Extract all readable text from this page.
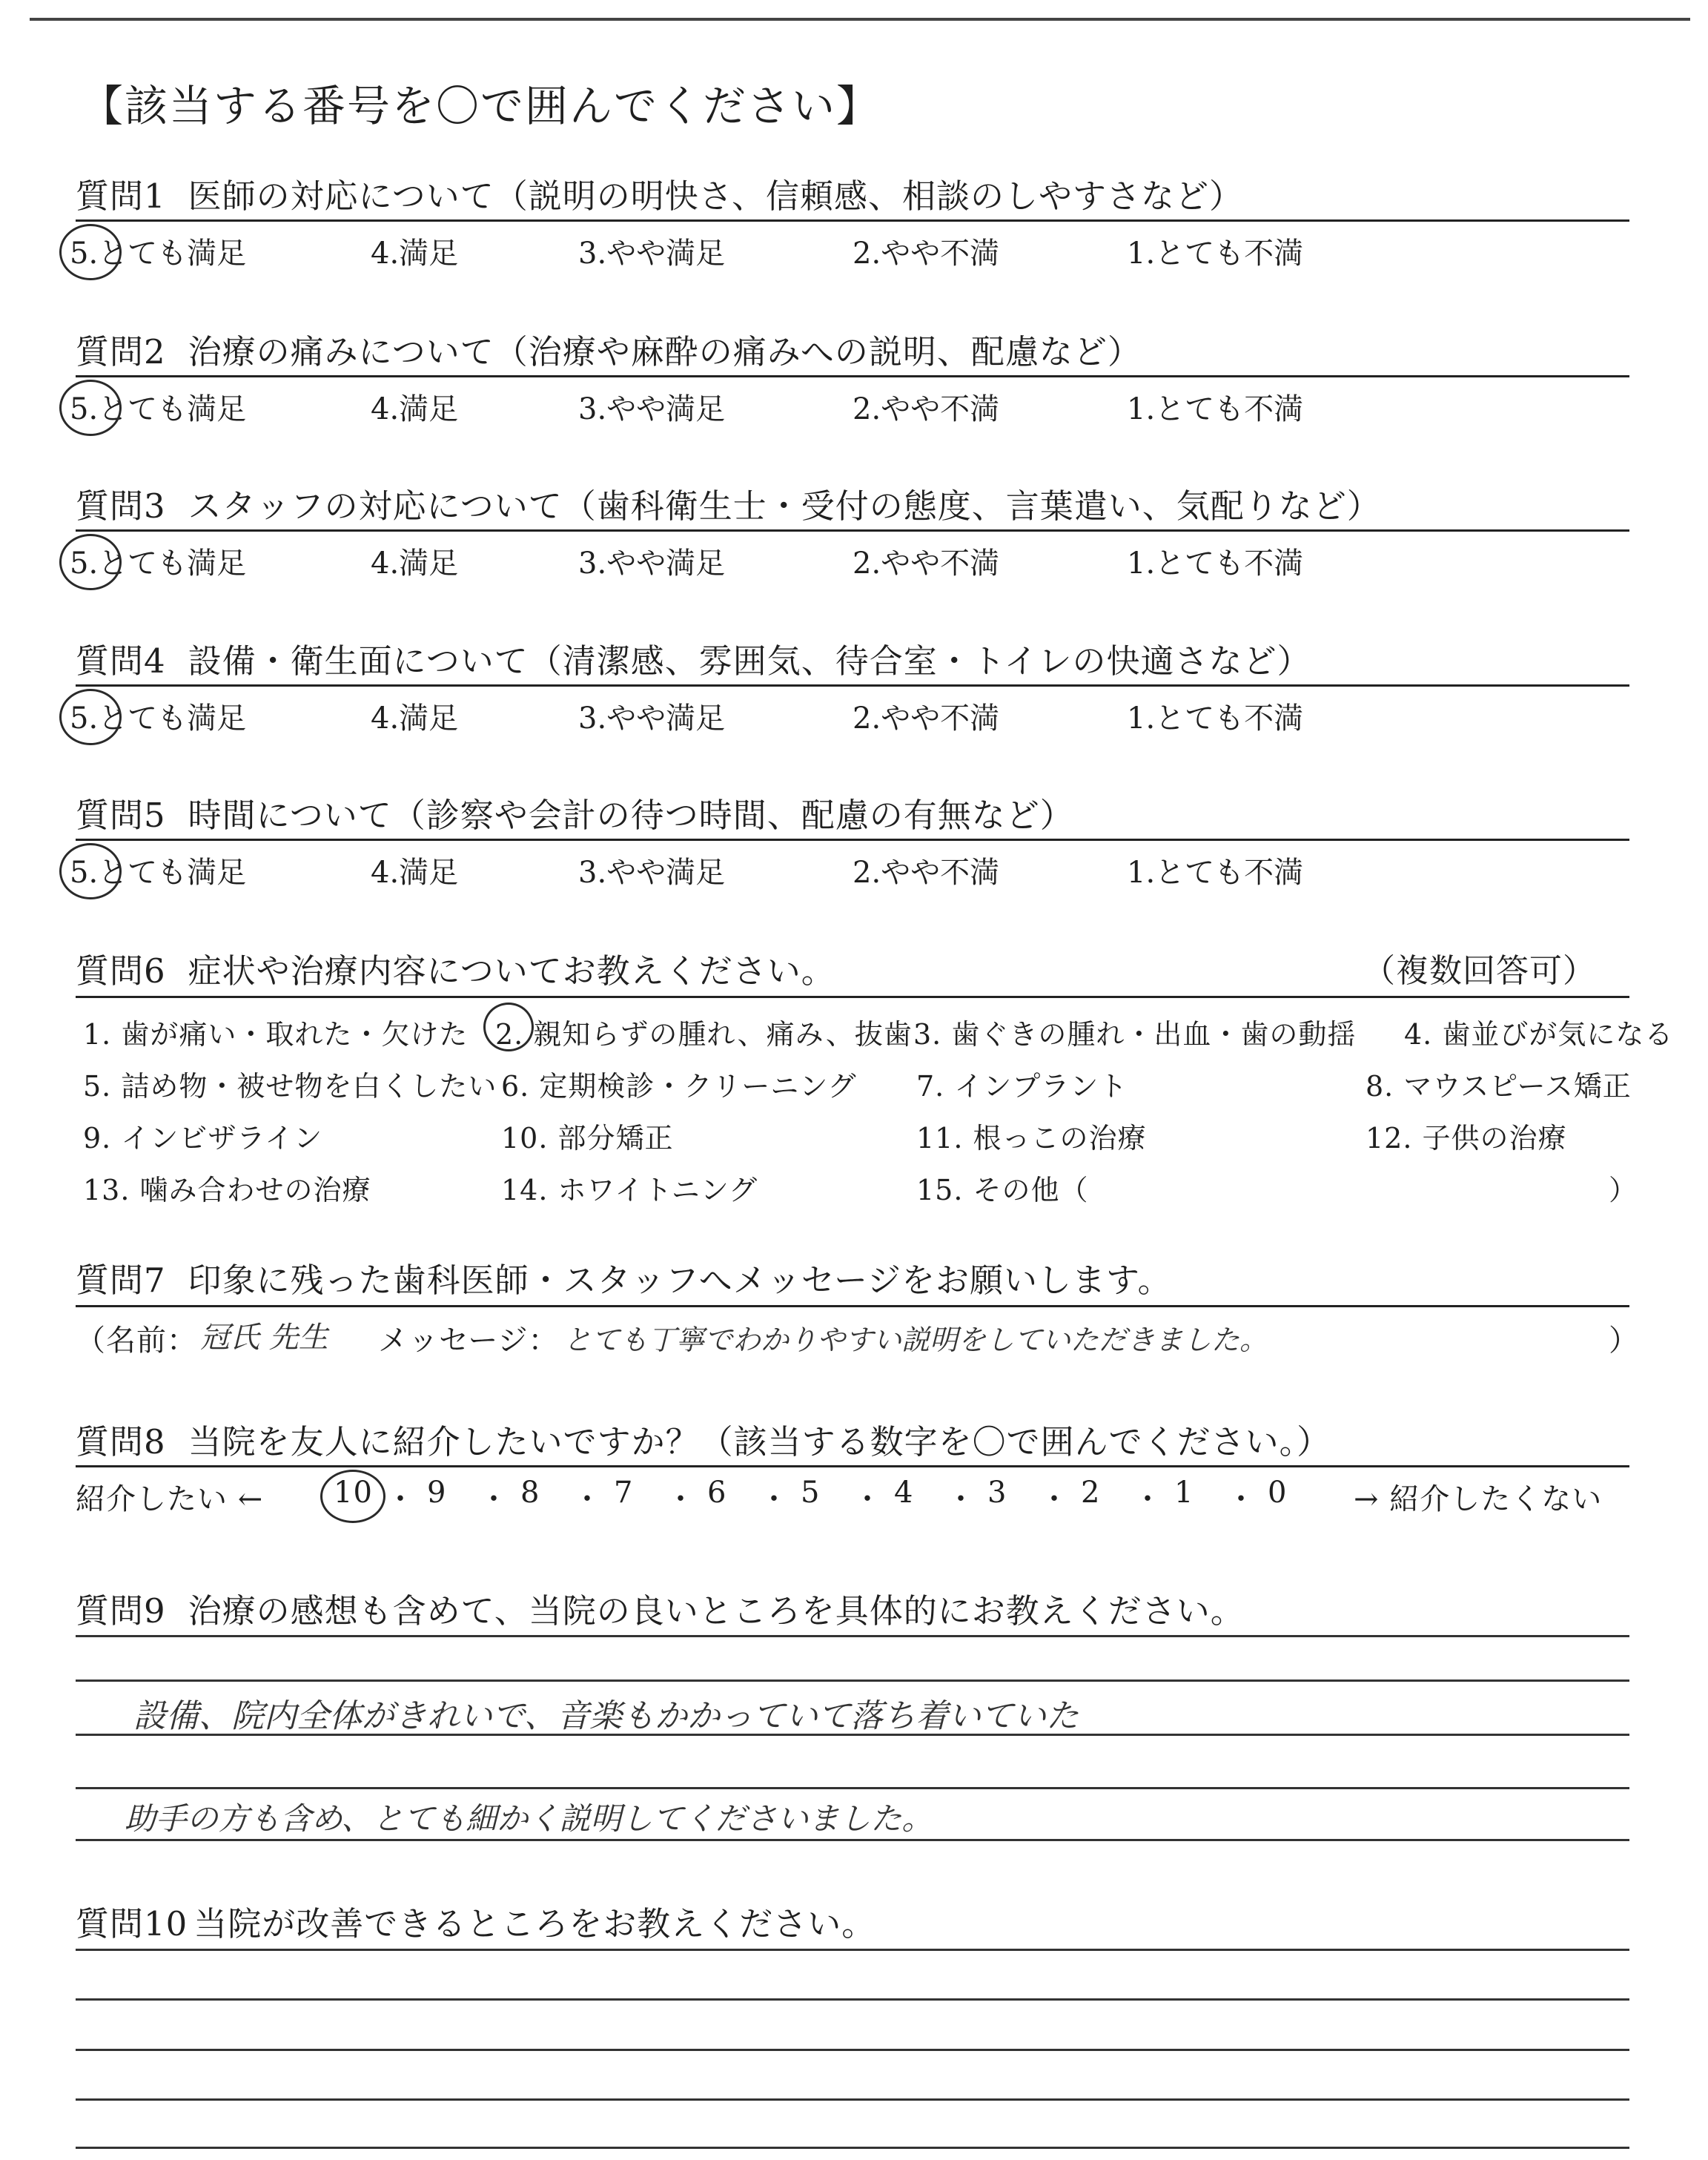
【該当する番号を〇で囲んでください】
質問1 医師の対応について（説明の明快さ、信頼感、相談のしやすさなど）
5.とても満足	4.満足	3.やや満足	2.やや不満	1.とても不満
質問2 治療の痛みについて（治療や麻酔の痛みへの説明、配慮など）
5.とても満足	4.満足	3.やや満足	2.やや不満	1.とても不満
質問3 スタッフの対応について（歯科衛生士・受付の態度、言葉遣い、気配りなど）
5.とても満足	4.満足	3.やや満足	2.やや不満	1.とても不満
質問4 設備・衛生面について（清潔感、雰囲気、待合室・トイレの快適さなど）
5.とても満足	4.満足	3.やや満足	2.やや不満	1.とても不満
質問5 時間について（診察や会計の待つ時間、配慮の有無など）
5.とても満足	4.満足	3.やや満足	2.やや不満	1.とても不満
質問6 症状や治療内容についてお教えください。	（複数回答可）
1. 歯が痛い・取れた・欠けた 2. 親知らずの腫れ、痛み、抜歯 3. 歯ぐきの腫れ・出血・歯の動揺 4. 歯並びが気になる
5. 詰め物・被せ物を白くしたい 6. 定期検診・クリーニング 7. インプラント	8. マウスピース矯正
9. インビザライン	10. 部分矯正	11. 根っこの治療	12. 子供の治療
13. 噛み合わせの治療	14. ホワイトニング	15. その他（	）
質問7 印象に残った歯科医師・スタッフへメッセージをお願いします。
（名前： 冠氏 先生 メッセージ： とても丁寧でわかりやすい説明をしていただきました。	）
質問8 当院を友人に紹介したいですか？（該当する数字を〇で囲んでください。）
紹介したい ← 10 ・ 9 ・ 8 ・ 7 ・ 6 ・ 5 ・ 4 ・ 3 ・ 2 ・ 1 ・ 0 → 紹介したくない
質問9 治療の感想も含めて、当院の良いところを具体的にお教えください。
設備、院内全体がきれいで、音楽もかかっていて落ち着いていた
助手の方も含め、とても細かく説明してくださいました。
質問10 当院が改善できるところをお教えください。
